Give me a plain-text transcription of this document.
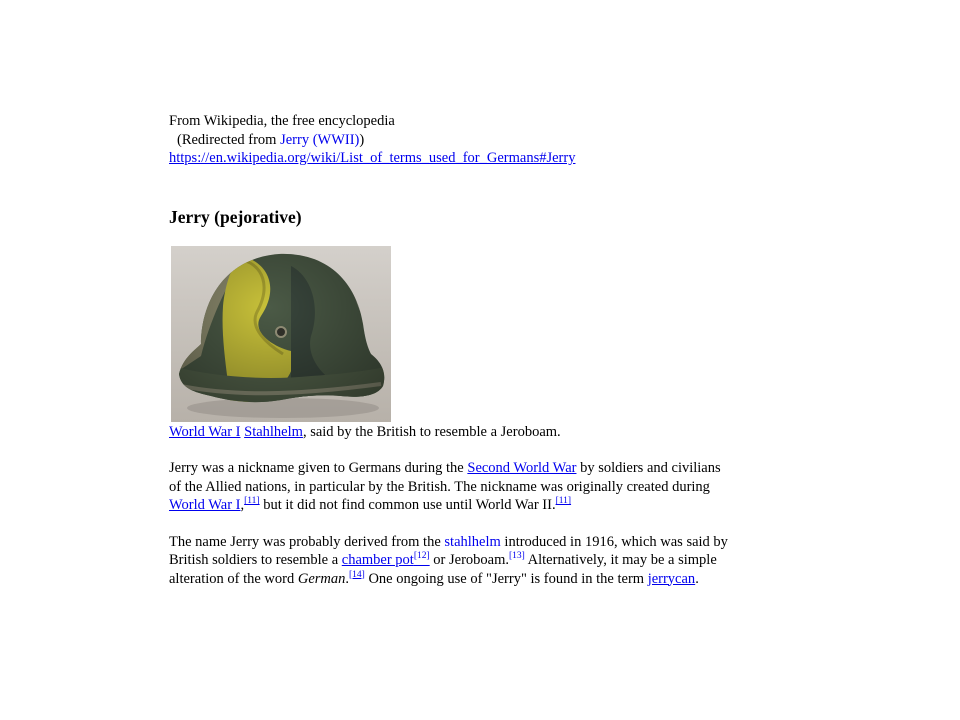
From Wikipedia, the free encyclopedia
(Redirected from Jerry (WWII))
https://en.wikipedia.org/wiki/List_of_terms_used_for_Germans#Jerry
Jerry (pejorative)
World War I Stahlhelm, said by the British to resemble a Jeroboam.

Jerry was a nickname given to Germans during the Second World War by soldiers and civilians
of the Allied nations, in particular by the British. The nickname was originally created during
World War I,[11] but it did not find common use until World War II.[11]

The name Jerry was probably derived from the stahlhelm introduced in 1916, which was said by
British soldiers to resemble a chamber pot[12] or Jeroboam.[13] Alternatively, it may be a simple
alteration of the word German.[14] One ongoing use of "Jerry" is found in the term jerrycan.
